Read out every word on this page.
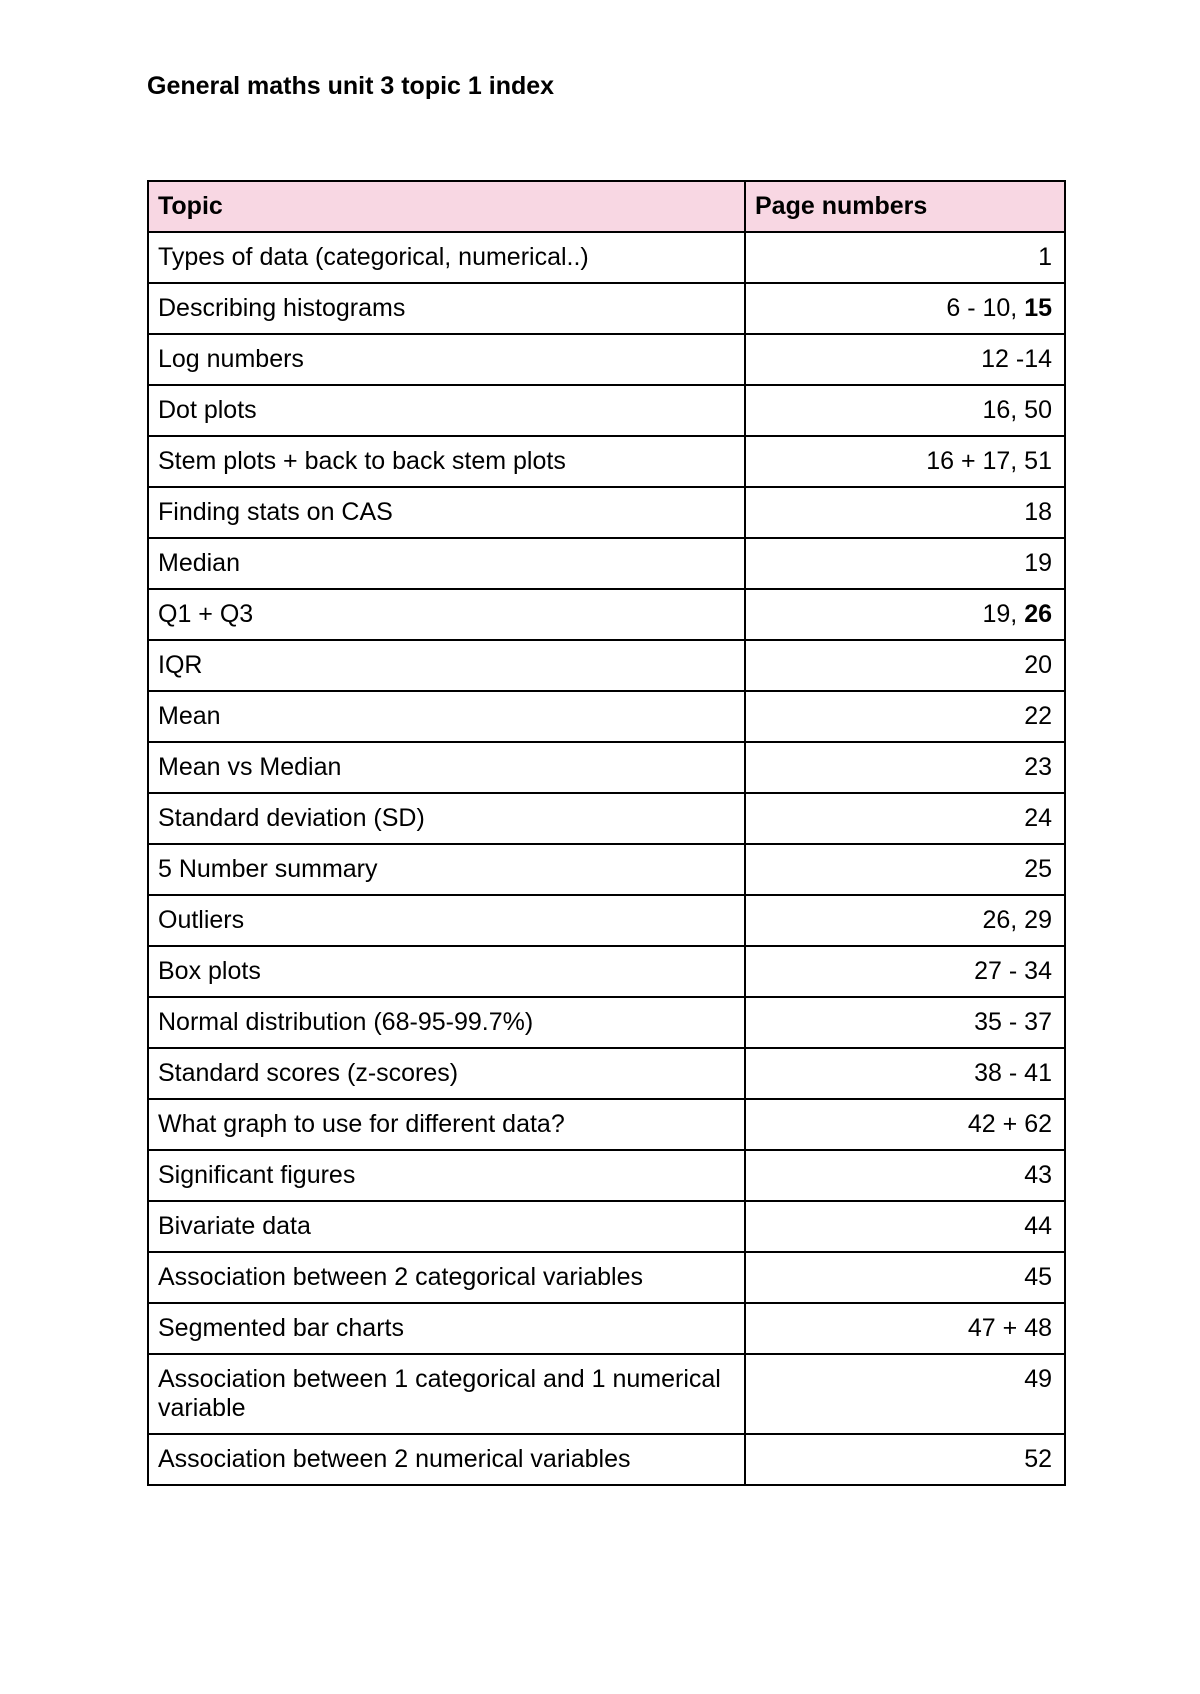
General maths unit 3 topic 1 index
Topic	Page numbers
Types of data (categorical, numerical..)	1
Describing histograms	6 - 10, 15
Log numbers	12 -14
Dot plots	16, 50
Stem plots + back to back stem plots	16 + 17, 51
Finding stats on CAS	18
Median	19
Q1 + Q3	19, 26
IQR	20
Mean	22
Mean vs Median	23
Standard deviation (SD)	24
5 Number summary	25
Outliers	26, 29
Box plots	27 - 34
Normal distribution (68-95-99.7%)	35 - 37
Standard scores (z-scores)	38 - 41
What graph to use for different data?	42 + 62
Significant figures	43
Bivariate data	44
Association between 2 categorical variables	45
Segmented bar charts	47 + 48
Association between 1 categorical and 1 numerical variable	49
Association between 2 numerical variables	52
